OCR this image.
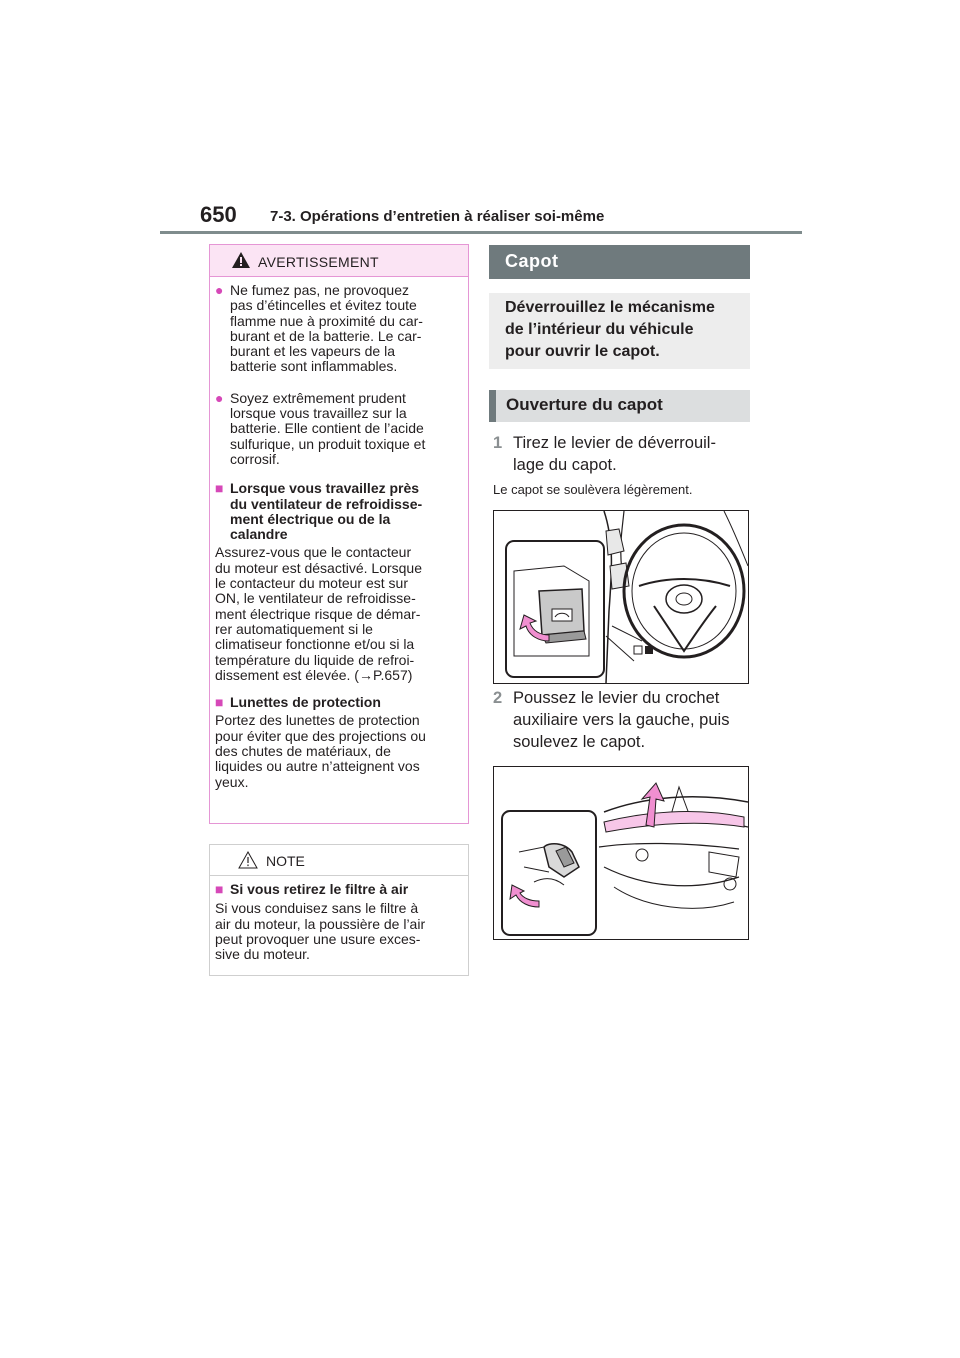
650 7-3. Opérations d’entretien à réaliser soi-même
AVERTISSEMENT
● Ne fumez pas, ne provoquez
pas d’étincelles et évitez toute
flamme nue à proximité du car-
burant et de la batterie. Le car-
burant et les vapeurs de la
batterie sont inflammables.
● Soyez extrêmement prudent
lorsque vous travaillez sur la
batterie. Elle contient de l’acide
sulfurique, un produit toxique et
corrosif.
■ Lorsque vous travaillez près
du ventilateur de refroidisse-
ment électrique ou de la
calandre
Assurez-vous que le contacteur
du moteur est désactivé. Lorsque
le contacteur du moteur est sur
ON, le ventilateur de refroidisse-
ment électrique risque de démar-
rer automatiquement si le
climatiseur fonctionne et/ou si la
température du liquide de refroi-
dissement est élevée. (→P.657)
■ Lunettes de protection
Portez des lunettes de protection
pour éviter que des projections ou
des chutes de matériaux, de
liquides ou autre n’atteignent vos
yeux.
NOTE
■ Si vous retirez le filtre à air
Si vous conduisez sans le filtre à
air du moteur, la poussière de l’air
peut provoquer une usure exces-
sive du moteur.
Capot
Déverrouillez le mécanisme
de l’intérieur du véhicule
pour ouvrir le capot.
Ouverture du capot
1 Tirez le levier de déverrouil-
lage du capot.
Le capot se soulèvera légèrement.
2 Poussez le levier du crochet
auxiliaire vers la gauche, puis
soulevez le capot.
